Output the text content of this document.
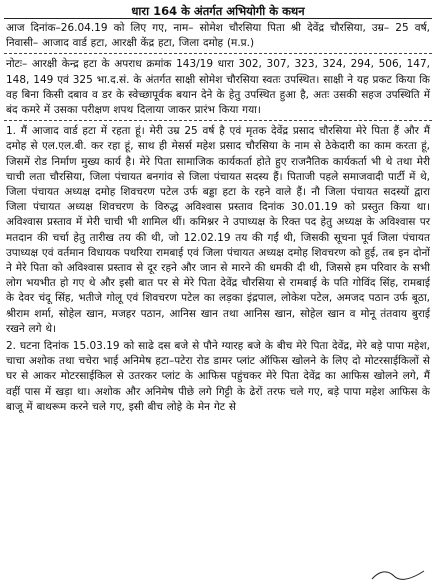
धारा 164 के अंतर्गत अभियोगी के कथन

आज दिनांक–26.04.19 को लिए गए, नाम– सोमेश चौरसिया पिता श्री देवेंद्र चौरसिया, उम्र– 25 वर्ष, निवासी– आजाद वार्ड हटा, आरक्षी केंद्र हटा, जिला दमोह (म.प्र.)

नोटः– आरक्षी केन्द्र हटा के अपराध क्रमांक 143/19 धारा 302, 307, 323, 324, 294, 506, 147, 148, 149 एवं 325 भा.द.सं. के अंतर्गत साक्षी सोमेश चौरसिया स्वतः उपस्थित। साक्षी ने यह प्रकट किया कि वह बिना किसी दबाव व डर के स्वेच्छापूर्वक बयान देने के हेतु उपस्थित हुआ है, अतः उसकी सहज उपस्थिति में बंद कमरे में उसका परीक्षण शपथ दिलाया जाकर प्रारंभ किया गया।

1. मैं आजाद वार्ड हटा में रहता हूं। मेरी उम्र 25 वर्ष है एवं मृतक देवेंद्र प्रसाद चौरसिया मेरे पिता हैं और मैं दमोह से एल.एल.बी. कर रहा हूं, साथ ही मेसर्स महेश प्रसाद चौरसिया के नाम से ठेकेदारी का काम करता हूं, जिसमें रोड निर्माण मुख्य कार्य है। मेरे पिता सामाजिक कार्यकर्ता होते हुए राजनैतिक कार्यकर्ता भी थे तथा मेरी चाची लता चौरसिया, जिला पंचायत बनगांव से जिला पंचायत सदस्य हैं। पिताजी पहले समाजवादी पार्टी में थे, जिला पंचायत अध्यक्ष दमोह शिवचरण पटेल उर्फ बड्डा हटा के रहने वाले हैं। नौ जिला पंचायत सदस्यों द्वारा जिला पंचायत अध्यक्ष शिवचरण के विरुद्ध अविश्वास प्रस्ताव दिनांक 30.01.19 को प्रस्तुत किया था। अविश्वास प्रस्ताव में मेरी चाची भी शामिल थीं। कमिश्नर ने उपाध्यक्ष के रिक्त पद हेतु अध्यक्ष के अविश्वास पर मतदान की चर्चा हेतु तारीख तय की थी, जो 12.02.19 तय की गईं थी, जिसकी सूचना पूर्व जिला पंचायत उपाध्यक्ष एवं वर्तमान विधायक पथरिया रामबाई एवं जिला पंचायत अध्यक्ष दमोह शिवचरण को हुई, तब इन दोनों ने मेरे पिता को अविश्वास प्रस्ताव से दूर रहने और जान से मारने की धमकी दी थी, जिससे हम परिवार के सभी लोग भयभीत हो गए थे और इसी बात पर से मेरे पिता देवेंद्र चौरसिया से रामबाई के पति गोविंद सिंह, रामबाई के देवर चंदू सिंह, भतीजे गोलू एवं शिवचरण पटेल का लड़का इंद्रपाल, लोकेश पटेल, अमजद पठान उर्फ बूठा, श्रीराम शर्मा, सोहेल खान, मजहर पठान, आनिस खान तथा आनिस खान, सोहेल खान व मोनू तंतवाय बुराई रखने लगे थे।

2. घटना दिनांक 15.03.19 को साढे दस बजे से पौने ग्यारह बजे के बीच मेरे पिता देवेंद्र, मेरे बड़े पापा महेश, चाचा अशोक तथा चचेरा भाई अनिमेष हटा–पटेरा रोड डामर प्लांट ऑफिस खोलने के लिए दो मोटरसाईकिलों से घर से आकर मोटरसाईकिल से उतरकर प्लांट के आफिस पहुंचकर मेरे पिता देवेंद्र का आफिस खोलने लगे, मैं वहीं पास में खड़ा था। अशोक और अनिमेष पीछे लगे गिट्टी के ढेरों तरफ चले गए, बड़े पापा महेश आफिस के बाजू में बाथरूम करने चले गए, इसी बीच लोहे के मेन गेट से
